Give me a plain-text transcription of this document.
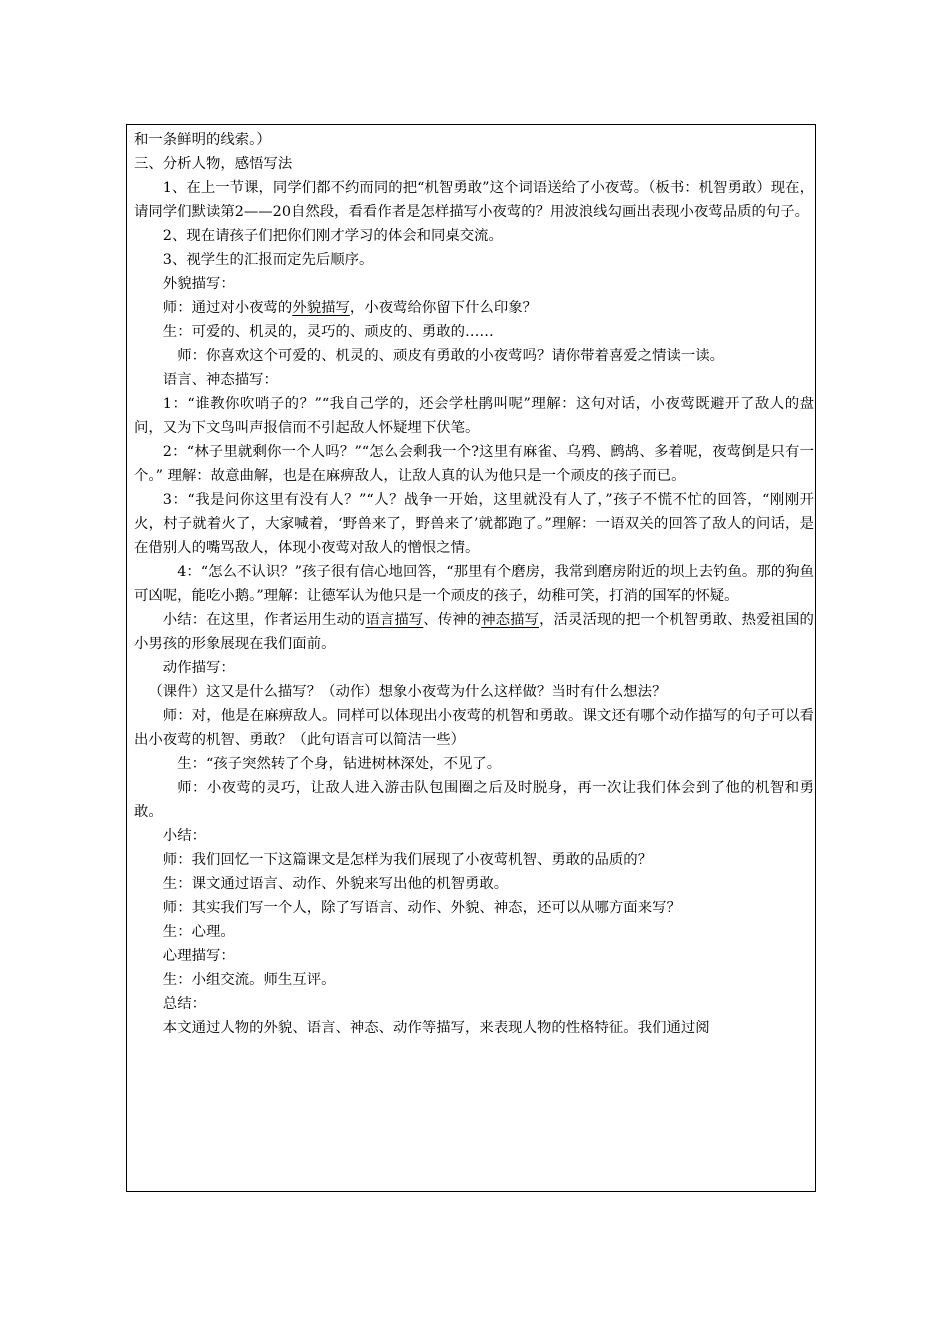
和一条鲜明的线索。）

三、分析人物，感悟写法

1、在上一节课，同学们都不约而同的把“机智勇敢”这个词语送给了小夜莺。（板书：机智勇敢）现在，请同学们默读第2——20自然段，看看作者是怎样描写小夜莺的？用波浪线勾画出表现小夜莺品质的句子。

2、现在请孩子们把你们刚才学习的体会和同桌交流。

3、视学生的汇报而定先后顺序。

外貌描写：

师：通过对小夜莺的外貌描写，小夜莺给你留下什么印象？

生：可爱的、机灵的，灵巧的、顽皮的、勇敢的……

师：你喜欢这个可爱的、机灵的、顽皮有勇敢的小夜莺吗？请你带着喜爱之情读一读。

语言、神态描写：

1：“谁教你吹哨子的？”“我自己学的，还会学杜鹃叫呢”理解：这句对话，小夜莺既避开了敌人的盘问，又为下文鸟叫声报信而不引起敌人怀疑埋下伏笔。

2：“林子里就剩你一个人吗？”“怎么会剩我一个?这里有麻雀、乌鸦、鹧鸪、多着呢，夜莺倒是只有一个。” 理解：故意曲解，也是在麻痹敌人，让敌人真的认为他只是一个顽皮的孩子而已。

3：“我是问你这里有没有人？”“人？战争一开始，这里就没有人了，”孩子不慌不忙的回答，“刚刚开火，村子就着火了，大家喊着，‘野兽来了，野兽来了’就都跑了。”理解：一语双关的回答了敌人的问话，是在借别人的嘴骂敌人，体现小夜莺对敌人的憎恨之情。

4：“怎么不认识？”孩子很有信心地回答，“那里有个磨房，我常到磨房附近的坝上去钓鱼。那的狗鱼可凶呢，能吃小鹅。”理解：让德军认为他只是一个顽皮的孩子，幼稚可笑，打消的国军的怀疑。

小结：在这里，作者运用生动的语言描写、传神的神态描写，活灵活现的把一个机智勇敢、热爱祖国的小男孩的形象展现在我们面前。

动作描写：

（课件）这又是什么描写？（动作）想象小夜莺为什么这样做？当时有什么想法？

师：对，他是在麻痹敌人。同样可以体现出小夜莺的机智和勇敢。课文还有哪个动作描写的句子可以看出小夜莺的机智、勇敢？（此句语言可以简洁一些）

生：“孩子突然转了个身，钻进树林深处，不见了。

师：小夜莺的灵巧，让敌人进入游击队包围圈之后及时脱身，再一次让我们体会到了他的机智和勇敢。

小结：

师：我们回忆一下这篇课文是怎样为我们展现了小夜莺机智、勇敢的品质的？

生：课文通过语言、动作、外貌来写出他的机智勇敢。

师：其实我们写一个人，除了写语言、动作、外貌、神态，还可以从哪方面来写？

生：心理。

心理描写：

生：小组交流。师生互评。

总结：

本文通过人物的外貌、语言、神态、动作等描写，来表现人物的性格特征。我们通过阅
